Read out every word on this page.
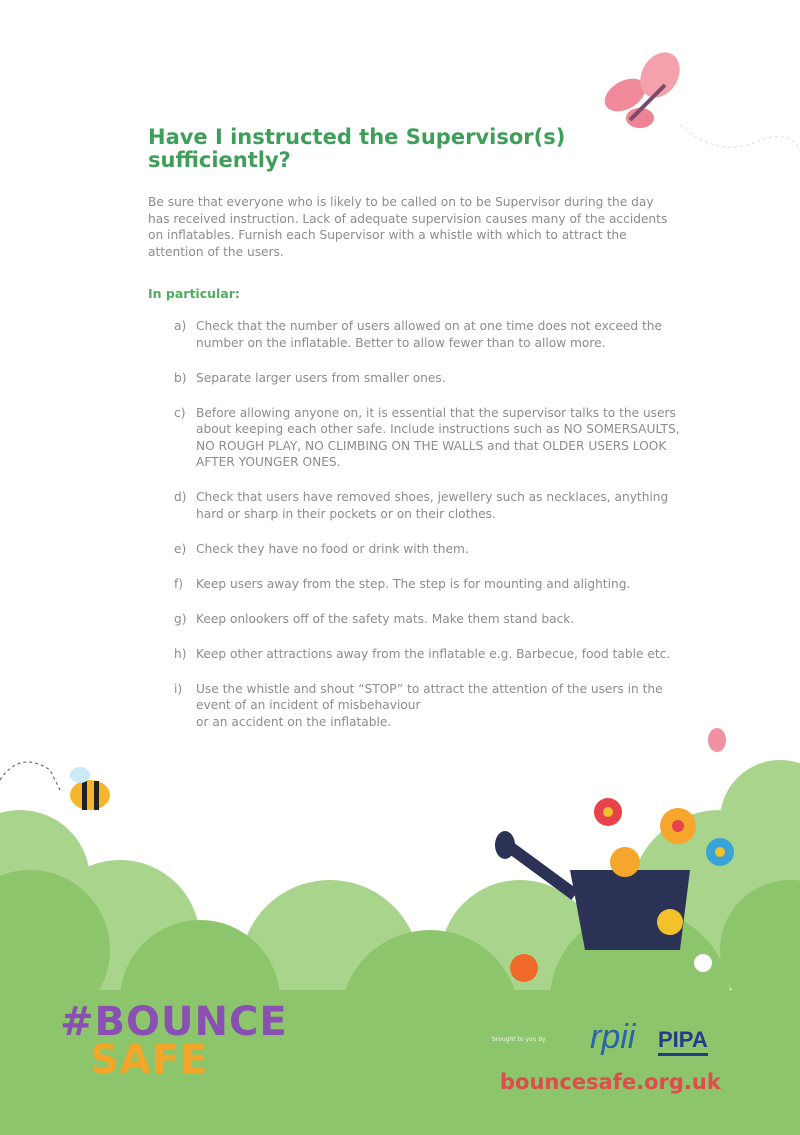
Have I instructed the Supervisor(s) sufficiently?

Be sure that everyone who is likely to be called on to be Supervisor during the day has received instruction. Lack of adequate supervision causes many of the accidents on inflatables. Furnish each Supervisor with a whistle with which to attract the attention of the users.

In particular:
a) Check that the number of users allowed on at one time does not exceed the number on the inflatable. Better to allow fewer than to allow more.
b) Separate larger users from smaller ones.
c) Before allowing anyone on, it is essential that the supervisor talks to the users about keeping each other safe. Include instructions such as NO SOMERSAULTS, NO ROUGH PLAY, NO CLIMBING ON THE WALLS and that OLDER USERS LOOK AFTER YOUNGER ONES.
d) Check that users have removed shoes, jewellery such as necklaces, anything hard or sharp in their pockets or on their clothes.
e) Check they have no food or drink with them.
f)	Keep users away from the step. The step is for mounting and alighting.
g) Keep onlookers off of the safety mats. Make them stand back.
h) Keep other attractions away from the inflatable e.g. Barbecue, food table etc.
i)	Use the whistle and shout “STOP” to attract the attention of the users in the event of an incident of misbehaviour
or an accident on the inflatable.
#BOUNCE
SAFE	brought to you by rpii PIPA
bouncesafe.org.uk
